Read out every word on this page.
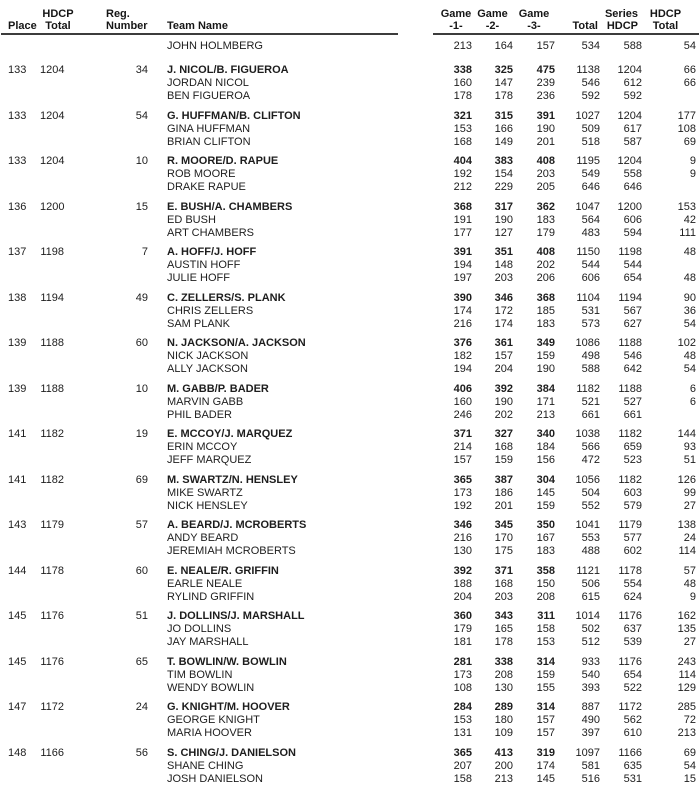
HDCP	Reg.	Game Game Game	Series	HDCP
Place Total	Number	Team Name	-1-	-2-	-3-	Total HDCP	Total
JOHN HOLMBERG	213	164	157	534	588	54
133	1204	34	J. NICOL/B. FIGUEROA	338	325	475	1138	1204	66
JORDAN NICOL	160	147	239	546	612	66
BEN FIGUEROA	178	178	236	592	592
133	1204	54	G. HUFFMAN/B. CLIFTON	321	315	391	1027	1204	177
GINA HUFFMAN	153	166	190	509	617	108
BRIAN CLIFTON	168	149	201	518	587	69
133	1204	10	R. MOORE/D. RAPUE	404	383	408	1195	1204	9
ROB MOORE	192	154	203	549	558	9
DRAKE RAPUE	212	229	205	646	646
136	1200	15	E. BUSH/A. CHAMBERS	368	317	362	1047	1200	153
ED BUSH	191	190	183	564	606	42
ART CHAMBERS	177	127	179	483	594	111
137	1198	7	A. HOFF/J. HOFF	391	351	408	1150	1198	48
AUSTIN HOFF	194	148	202	544	544
JULIE HOFF	197	203	206	606	654	48
138	1194	49	C. ZELLERS/S. PLANK	390	346	368	1104	1194	90
CHRIS ZELLERS	174	172	185	531	567	36
SAM PLANK	216	174	183	573	627	54
139	1188	60	N. JACKSON/A. JACKSON	376	361	349	1086	1188	102
NICK JACKSON	182	157	159	498	546	48
ALLY JACKSON	194	204	190	588	642	54
139	1188	10	M. GABB/P. BADER	406	392	384	1182	1188	6
MARVIN GABB	160	190	171	521	527	6
PHIL BADER	246	202	213	661	661
141	1182	19	E. MCCOY/J. MARQUEZ	371	327	340	1038	1182	144
ERIN MCCOY	214	168	184	566	659	93
JEFF MARQUEZ	157	159	156	472	523	51
141	1182	69	M. SWARTZ/N. HENSLEY	365	387	304	1056	1182	126
MIKE SWARTZ	173	186	145	504	603	99
NICK HENSLEY	192	201	159	552	579	27
143	1179	57	A. BEARD/J. MCROBERTS	346	345	350	1041	1179	138
ANDY BEARD	216	170	167	553	577	24
JEREMIAH MCROBERTS	130	175	183	488	602	114
144	1178	60	E. NEALE/R. GRIFFIN	392	371	358	1121	1178	57
EARLE NEALE	188	168	150	506	554	48
RYLIND GRIFFIN	204	203	208	615	624	9
145	1176	51	J. DOLLINS/J. MARSHALL	360	343	311	1014	1176	162
JO DOLLINS	179	165	158	502	637	135
JAY MARSHALL	181	178	153	512	539	27
145	1176	65	T. BOWLIN/W. BOWLIN	281	338	314	933	1176	243
TIM BOWLIN	173	208	159	540	654	114
WENDY BOWLIN	108	130	155	393	522	129
147	1172	24	G. KNIGHT/M. HOOVER	284	289	314	887	1172	285
GEORGE KNIGHT	153	180	157	490	562	72
MARIA HOOVER	131	109	157	397	610	213
148	1166	56	S. CHING/J. DANIELSON	365	413	319	1097	1166	69
SHANE CHING	207	200	174	581	635	54
JOSH DANIELSON	158	213	145	516	531	15
